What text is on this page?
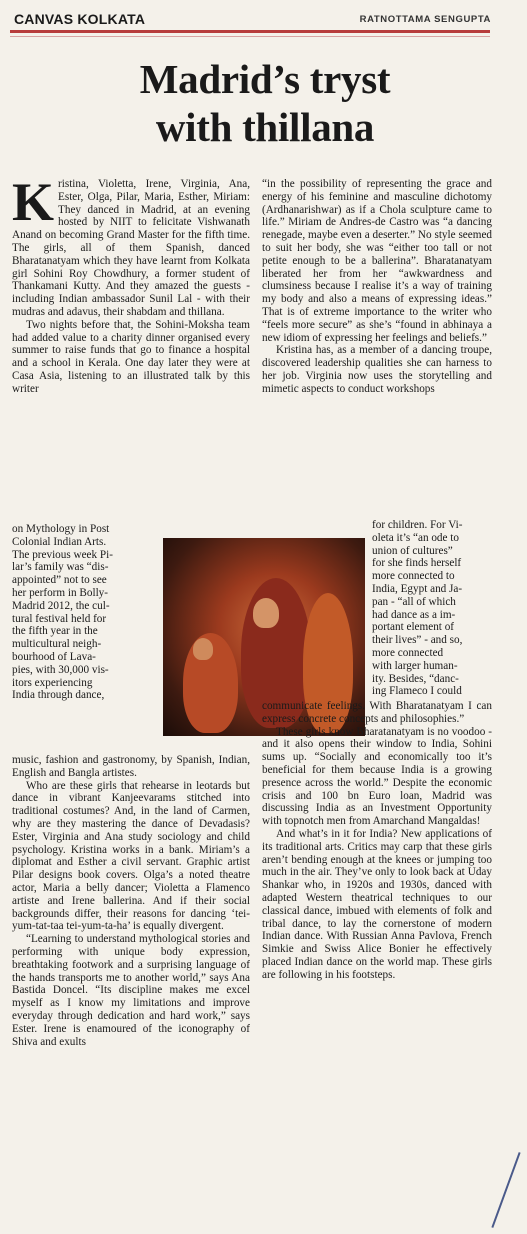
CANVAS KOLKATA	RATNOTTAMA SENGUPTA
Madrid’s tryst
with thillana

Kristina, Violetta, Irene, Virginia, Ana, Ester, Olga, Pilar, Maria, Esther, Miriam: They danced in Madrid, at an evening hosted by NIIT to felicitate Vishwanath Anand on becoming Grand Master for the fifth time. The girls, all of them Spanish, danced Bharatanatyam which they have learnt from Kolkata girl Sohini Roy Chowdhury, a former student of Thankamani Kutty. And they amazed the guests - including Indian ambassador Sunil Lal - with their mudras and adavus, their shabdam and thillana.

Two nights before that, the Sohini-Moksha team had added value to a charity dinner organised every summer to raise funds that go to finance a hospital and a school in Kerala. One day later they were at Casa Asia, listening to an illustrated talk by this writer

on Mythology in Post
Colonial Indian Arts.
The previous week Pi-
lar’s family was “dis-
appointed” not to see
her perform in Bolly-
Madrid 2012, the cul-
tural festival held for
the fifth year in the
multicultural neigh-
bourhood of Lava-
pies, with 30,000 vis-
itors experiencing
India through dance,

music, fashion and gastronomy, by Spanish, Indian, English and Bangla artistes.

Who are these girls that rehearse in leotards but dance in vibrant Kanjeevarams stitched into traditional costumes? And, in the land of Carmen, why are they mastering the dance of Devadasis? Ester, Virginia and Ana study sociology and child psychology. Kristina works in a bank. Miriam’s a diplomat and Esther a civil servant. Graphic artist Pilar designs book covers. Olga’s a noted theatre actor, Maria a belly dancer; Violetta a Flamenco artiste and Irene ballerina. And if their social backgrounds differ, their reasons for dancing ‘tei-yum-tat-taa tei-yum-ta-ha’ is equally divergent.

“Learning to understand mythological stories and performing with unique body expression, breathtaking footwork and a surprising language of the hands transports me to another world,” says Ana Bastida Doncel. “Its discipline makes me excel myself as I know my limitations and improve everyday through dedication and hard work,” says Ester. Irene is enamoured of the iconography of Shiva and exults

“in the possibility of representing the grace and energy of his feminine and masculine dichotomy (Ardhanarishwar) as if a Chola sculpture came to life.” Miriam de Andres-de Castro was “a dancing renegade, maybe even a deserter.” No style seemed to suit her body, she was “either too tall or not petite enough to be a ballerina”. Bharatanatyam liberated her from her “awkwardness and clumsiness because I realise it’s a way of training my body and also a means of expressing ideas.” That is of extreme importance to the writer who “feels more secure” as she’s “found in abhinaya a new idiom of expressing her feelings and beliefs.”

Kristina has, as a member of a dancing troupe, discovered leadership qualities she can harness to her job. Virginia now uses the storytelling and mimetic aspects to conduct workshops

for children. For Vi-
oleta it’s “an ode to
union of cultures”
for she finds herself
more connected to
India, Egypt and Ja-
pan - “all of which
had dance as a im-
portant element of
their lives” - and so,
more connected
with larger human-
ity. Besides, “danc-
ing Flameco I could

communicate feelings. With Bharatanatyam I can express concrete concepts and philosophies.”

These girls know Bharatanatyam is no voodoo - and it also opens their window to India, Sohini sums up. “Socially and economically too it’s beneficial for them because India is a growing presence across the world.” Despite the economic crisis and 100 bn Euro loan, Madrid was discussing India as an Investment Opportunity with topnotch men from Amarchand Mangaldas!

And what’s in it for India? New applications of its traditional arts. Critics may carp that these girls aren’t bending enough at the knees or jumping too much in the air. They’ve only to look back at Uday Shankar who, in 1920s and 1930s, danced with adapted Western theatrical techniques to our classical dance, imbued with elements of folk and tribal dance, to lay the cornerstone of modern Indian dance. With Russian Anna Pavlova, French Simkie and Swiss Alice Bonier he effectively placed Indian dance on the world map. These girls are following in his footsteps.
